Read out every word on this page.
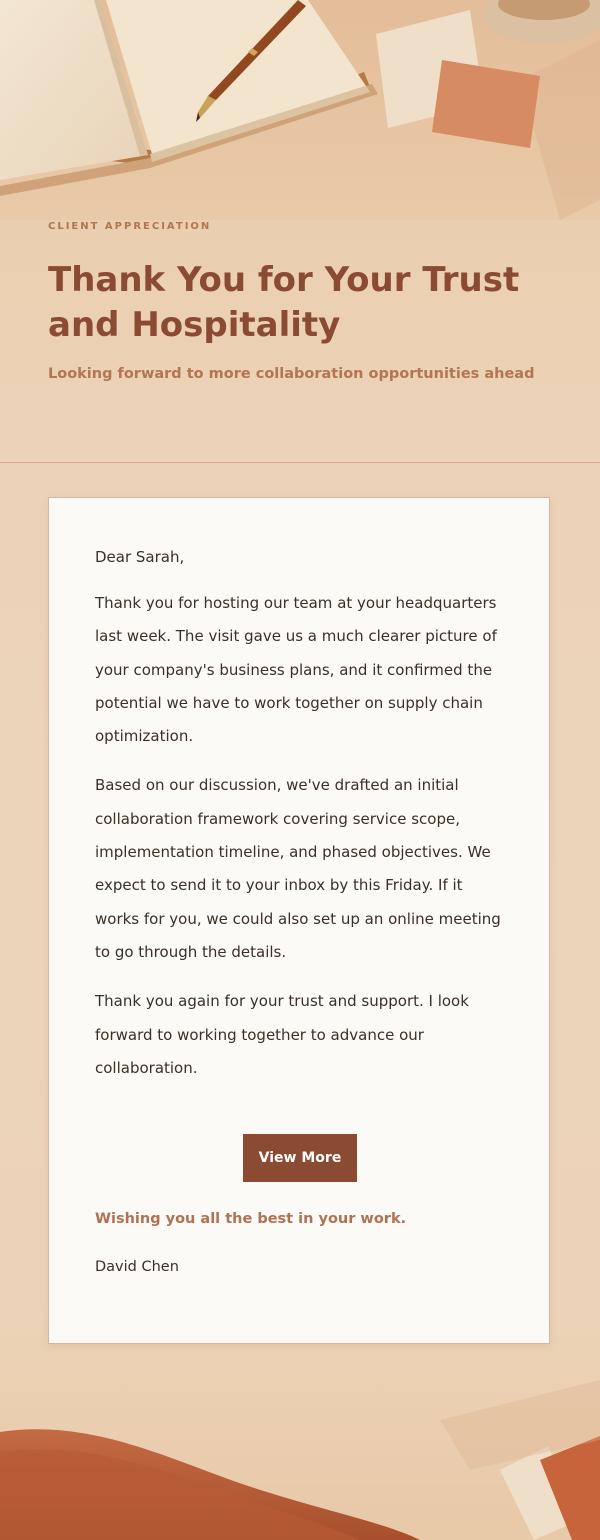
CLIENT APPRECIATION
Thank You for Your Trust and Hospitality
Looking forward to more collaboration opportunities ahead

Dear Sarah,

Thank you for hosting our team at your headquarters last week. The visit gave us a much clearer picture of your company's business plans, and it confirmed the potential we have to work together on supply chain optimization.

Based on our discussion, we've drafted an initial collaboration framework covering service scope, implementation timeline, and phased objectives. We expect to send it to your inbox by this Friday. If it works for you, we could also set up an online meeting to go through the details.

Thank you again for your trust and support. I look forward to working together to advance our collaboration.

View More
Wishing you all the best in your work.
David Chen
